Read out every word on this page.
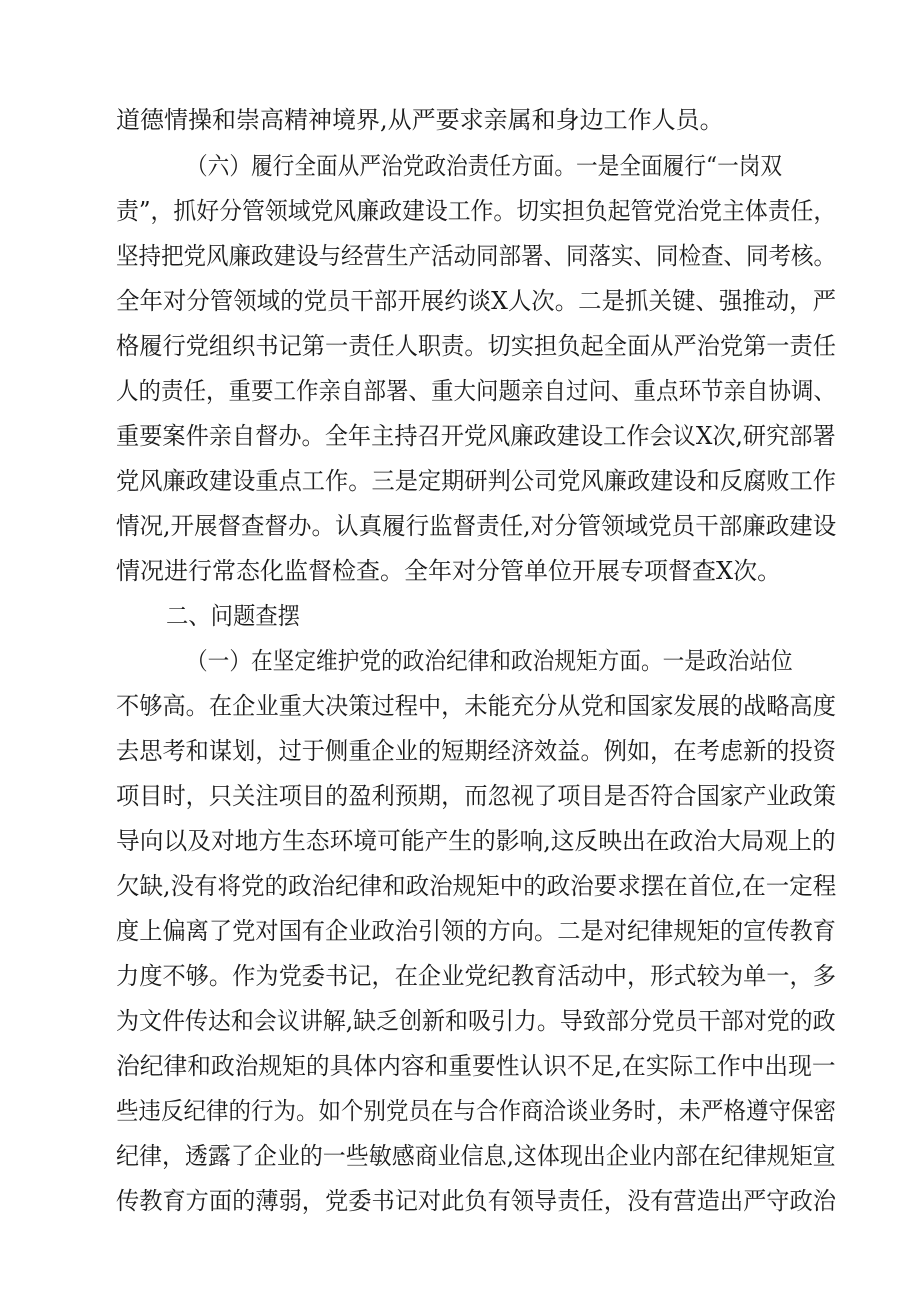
道德情操和崇高精神境界,从严要求亲属和身边工作人员。
（六）履行全面从严治党政治责任方面。一是全面履行“一岗双
责”，抓好分管领域党风廉政建设工作。切实担负起管党治党主体责任，
坚持把党风廉政建设与经营生产活动同部署、同落实、同检查、同考核。
全年对分管领域的党员干部开展约谈X人次。二是抓关键、强推动，严
格履行党组织书记第一责任人职责。切实担负起全面从严治党第一责任
人的责任，重要工作亲自部署、重大问题亲自过问、重点环节亲自协调、
重要案件亲自督办。全年主持召开党风廉政建设工作会议X次,研究部署
党风廉政建设重点工作。三是定期研判公司党风廉政建设和反腐败工作
情况,开展督查督办。认真履行监督责任,对分管领域党员干部廉政建设
情况进行常态化监督检查。全年对分管单位开展专项督查X次。
二、问题查摆
（一）在坚定维护党的政治纪律和政治规矩方面。一是政治站位
不够高。在企业重大决策过程中，未能充分从党和国家发展的战略高度
去思考和谋划，过于侧重企业的短期经济效益。例如，在考虑新的投资
项目时，只关注项目的盈利预期，而忽视了项目是否符合国家产业政策
导向以及对地方生态环境可能产生的影响,这反映出在政治大局观上的
欠缺,没有将党的政治纪律和政治规矩中的政治要求摆在首位,在一定程
度上偏离了党对国有企业政治引领的方向。二是对纪律规矩的宣传教育
力度不够。作为党委书记，在企业党纪教育活动中，形式较为单一，多
为文件传达和会议讲解,缺乏创新和吸引力。导致部分党员干部对党的政
治纪律和政治规矩的具体内容和重要性认识不足,在实际工作中出现一
些违反纪律的行为。如个别党员在与合作商洽谈业务时，未严格遵守保密
纪律，透露了企业的一些敏感商业信息,这体现出企业内部在纪律规矩宣
传教育方面的薄弱，党委书记对此负有领导责任，没有营造出严守政治
